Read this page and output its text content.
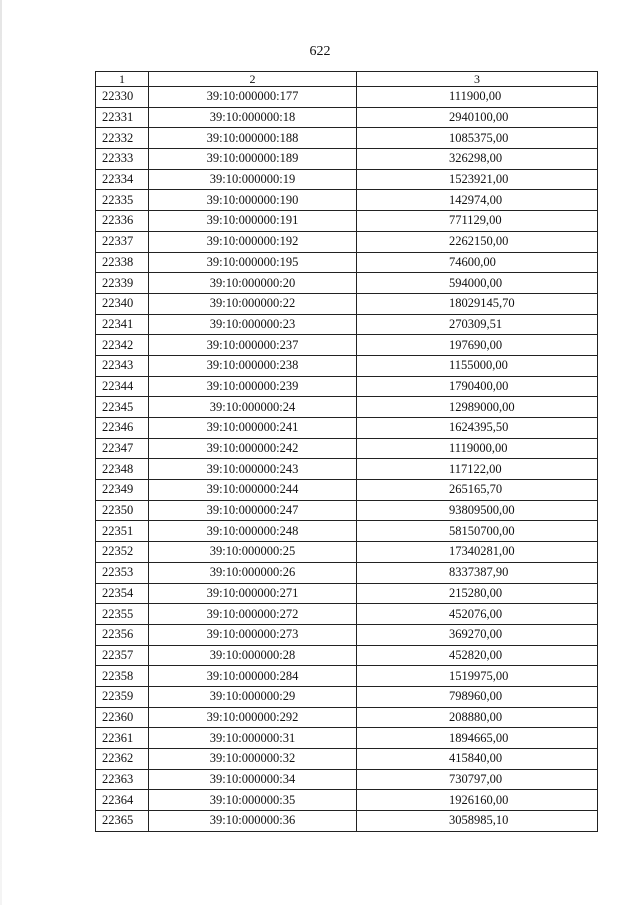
622
1	2	3
22330	39:10:000000:177	111900,00
22331	39:10:000000:18	2940100,00
22332	39:10:000000:188	1085375,00
22333	39:10:000000:189	326298,00
22334	39:10:000000:19	1523921,00
22335	39:10:000000:190	142974,00
22336	39:10:000000:191	771129,00
22337	39:10:000000:192	2262150,00
22338	39:10:000000:195	74600,00
22339	39:10:000000:20	594000,00
22340	39:10:000000:22	18029145,70
22341	39:10:000000:23	270309,51
22342	39:10:000000:237	197690,00
22343	39:10:000000:238	1155000,00
22344	39:10:000000:239	1790400,00
22345	39:10:000000:24	12989000,00
22346	39:10:000000:241	1624395,50
22347	39:10:000000:242	1119000,00
22348	39:10:000000:243	117122,00
22349	39:10:000000:244	265165,70
22350	39:10:000000:247	93809500,00
22351	39:10:000000:248	58150700,00
22352	39:10:000000:25	17340281,00
22353	39:10:000000:26	8337387,90
22354	39:10:000000:271	215280,00
22355	39:10:000000:272	452076,00
22356	39:10:000000:273	369270,00
22357	39:10:000000:28	452820,00
22358	39:10:000000:284	1519975,00
22359	39:10:000000:29	798960,00
22360	39:10:000000:292	208880,00
22361	39:10:000000:31	1894665,00
22362	39:10:000000:32	415840,00
22363	39:10:000000:34	730797,00
22364	39:10:000000:35	1926160,00
22365	39:10:000000:36	3058985,10
